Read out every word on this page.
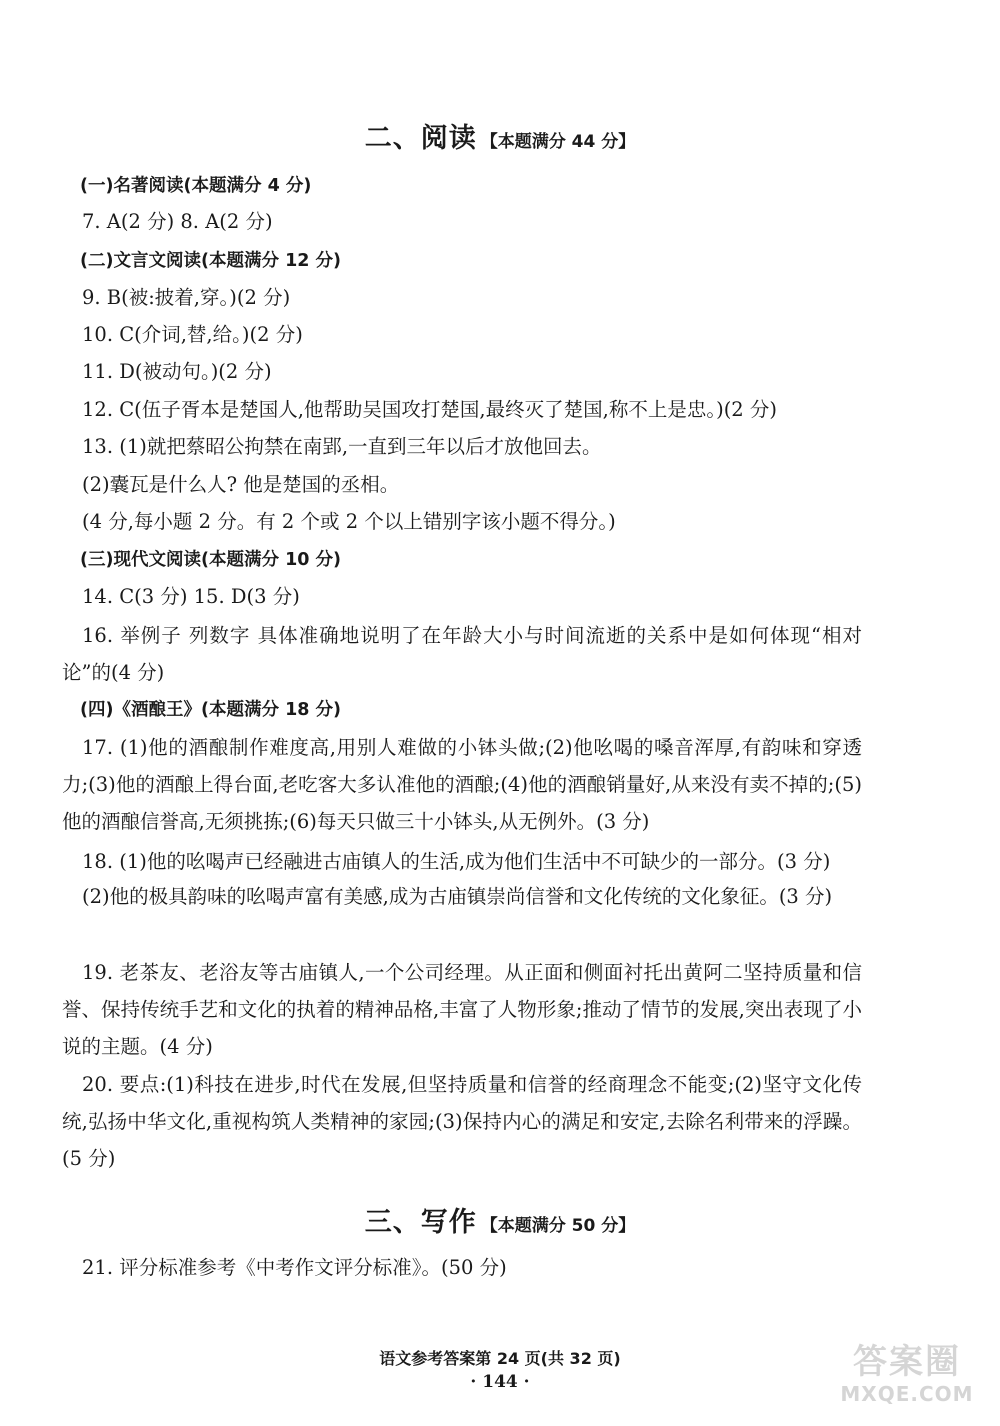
二、阅读 【本题满分 44 分】
(一)名著阅读(本题满分 4 分)
7. A(2 分) 8. A(2 分)
(二)文言文阅读(本题满分 12 分)
9. B(被:披着,穿。)(2 分)
10. C(介词,替,给。)(2 分)
11. D(被动句。)(2 分)
12. C(伍子胥本是楚国人,他帮助吴国攻打楚国,最终灭了楚国,称不上是忠。)(2 分)
13. (1)就把蔡昭公拘禁在南郢,一直到三年以后才放他回去。
(2)囊瓦是什么人? 他是楚国的丞相。
(4 分,每小题 2 分。有 2 个或 2 个以上错别字该小题不得分。)
(三)现代文阅读(本题满分 10 分)
14. C(3 分) 15. D(3 分)
16. 举例子 列数字 具体准确地说明了在年龄大小与时间流逝的关系中是如何体现“相对论”的(4 分)
(四)《酒酿王》(本题满分 18 分)
17. (1)他的酒酿制作难度高,用别人难做的小钵头做;(2)他吆喝的嗓音浑厚,有韵味和穿透力;(3)他的酒酿上得台面,老吃客大多认准他的酒酿;(4)他的酒酿销量好,从来没有卖不掉的;(5)他的酒酿信誉高,无须挑拣;(6)每天只做三十小钵头,从无例外。(3 分)
18. (1)他的吆喝声已经融进古庙镇人的生活,成为他们生活中不可缺少的一部分。(3 分)
(2)他的极具韵味的吆喝声富有美感,成为古庙镇崇尚信誉和文化传统的文化象征。(3 分)
19. 老茶友、老浴友等古庙镇人,一个公司经理。从正面和侧面衬托出黄阿二坚持质量和信誉、保持传统手艺和文化的执着的精神品格,丰富了人物形象;推动了情节的发展,突出表现了小说的主题。(4 分)
20. 要点:(1)科技在进步,时代在发展,但坚持质量和信誉的经商理念不能变;(2)坚守文化传统,弘扬中华文化,重视构筑人类精神的家园;(3)保持内心的满足和安定,去除名利带来的浮躁。(5 分)
三、写作 【本题满分 50 分】
21. 评分标准参考《中考作文评分标准》。(50 分)
语文参考答案第 24 页(共 32 页)
· 144 ·	答案圈
MXQE.COM
